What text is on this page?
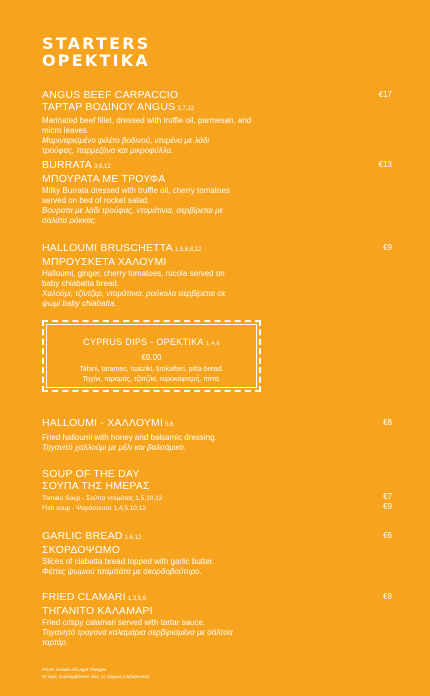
STARTERS
ΟΡΕΚΤΙΚΑ
€17
ANGUS BEEF CARPACCIO
ΤΑΡΤΑΡ ΒΟΔΙΝΟΥ ANGUS 3,7,12
Marinated beef fillet, dressed with truffle oil, parmesan, and micro leaves.
Μαριναρισμένο φιλέτο βοδινού, ντυμένο με λάδι τρούφας, παρμεζάνα και μικροφύλλα.
€13
BURRATA 3,6,12
ΜΠΟΥΡΑΤΑ ΜΕ ΤΡΟΥΦΑ
Milky Burrata dressed with truffle oil, cherry tomatoes served on bed of rocket salad.
Βουρατα με λάδι τρούφας, ντομάτινια, σερβίρεται με σαλάτα ρόκκας.
€9
HALLOUMI BRUSCHETTA 1,5,6,8,12
ΜΠΡΟΥΣΚΕΤΑ ΧΑΛΟΥΜΙ
Halloumi, ginger, cherry tomatoes, rucola served on baby chiabatta bread.
Χαλούμι, τζίντζερ, ντομάτινια, ρούκολα σερβίρεται σε ψωμί baby chiabatta.
CYPRUS DIPS - ΟΡΕΚΤΙΚΑ 1,4,6
€9.00
Tahini, taramas, tsatziki, tirokafteri, pitta bread.
Ταχίνι, ταραμάς, τζατζίκι, τυροκαφτερή, πίττα.
€8
HALLOUMI - ΧΑΛΛΟΥΜΙ 5,6
Fried halloumi with honey and balsamic dressing.
Τηγανιτό χαλλούμι με μέλι και βαλσάμικο.
SOUP OF THE DAY
ΣΟΥΠΑ ΤΗΣ ΗΜΕΡΑΣ
Tomato Soup - Σούπα ντομάτας 1,5,10,12	€7
Fish soup - Ψαρόσουπα 1,4,5,10,12	€9
€6
GARLIC BREAD 1,6,12
ΣΚΟΡΔΟΨΩΜΟ
Slices of ciabatta bread topped with garlic butter.
Φέττες ψωμιού τσαμπάτα με σκορδοβούτυρο.
€9
FRIED CLAMARI 1,3,5,9
ΤΗΓΑΝΙΤΟ ΚΑΛΑΜΑΡΙ
Fried crispy calamari served with tartar sauce.
Τηγανητό τραγανά καλαμάρια σερβιρισμένα με σάλτσα ταρτάρ.
Prices include all Legal Charges
Οι τιμές περιλαμβάνουν όλες τις νόμιμες επιβαρύνσεις
